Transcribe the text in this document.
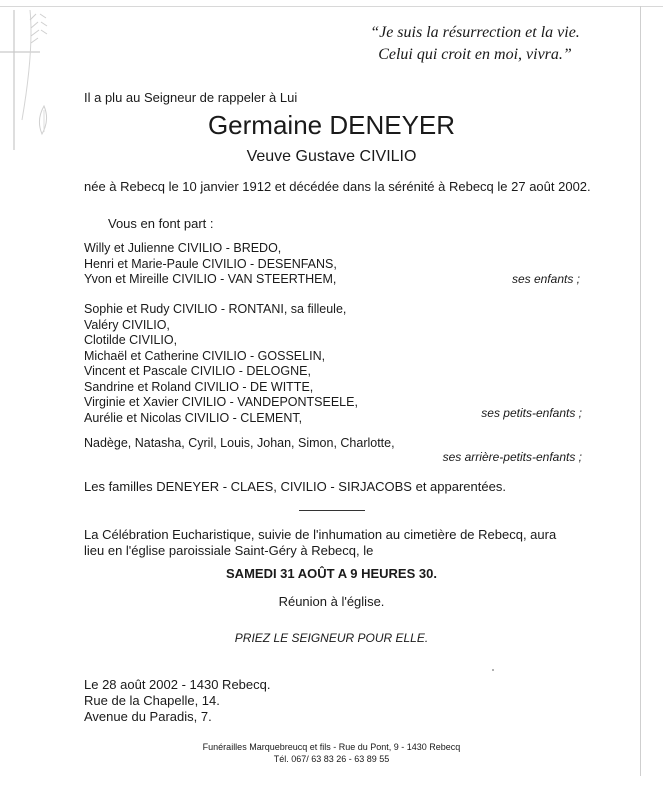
“Je suis la résurrection et la vie.
Celui qui croit en moi, vivra.”
Il a plu au Seigneur de rappeler à Lui
Germaine DENEYER
Veuve Gustave CIVILIO
née à Rebecq le 10 janvier 1912 et décédée dans la sérénité à Rebecq le 27 août 2002.
Vous en font part :
Willy et Julienne CIVILIO - BREDO,
Henri et Marie-Paule CIVILIO - DESENFANS,
Yvon et Mireille CIVILIO - VAN STEERTHEM,	ses enfants ;
Sophie et Rudy CIVILIO - RONTANI, sa filleule,
Valéry CIVILIO,
Clotilde CIVILIO,
Michaël et Catherine CIVILIO - GOSSELIN,
Vincent et Pascale CIVILIO - DELOGNE,
Sandrine et Roland CIVILIO - DE WITTE,
Virginie et Xavier CIVILIO - VANDEPONTSEELE,
Aurélie et Nicolas CIVILIO - CLEMENT,	ses petits-enfants ;
Nadège, Natasha, Cyril, Louis, Johan, Simon, Charlotte,
ses arrière-petits-enfants ;
Les familles DENEYER - CLAES, CIVILIO - SIRJACOBS et apparentées.
La Célébration Eucharistique, suivie de l'inhumation au cimetière de Rebecq, aura
lieu en l'église paroissiale Saint-Géry à Rebecq, le
SAMEDI 31 AOÛT A 9 HEURES 30.
Réunion à l'église.
PRIEZ LE SEIGNEUR POUR ELLE.
Le 28 août 2002 - 1430 Rebecq.
Rue de la Chapelle, 14.
Avenue du Paradis, 7.
Funérailles Marquebreucq et fils - Rue du Pont, 9 - 1430 Rebecq
Tél. 067/ 63 83 26 - 63 89 55
